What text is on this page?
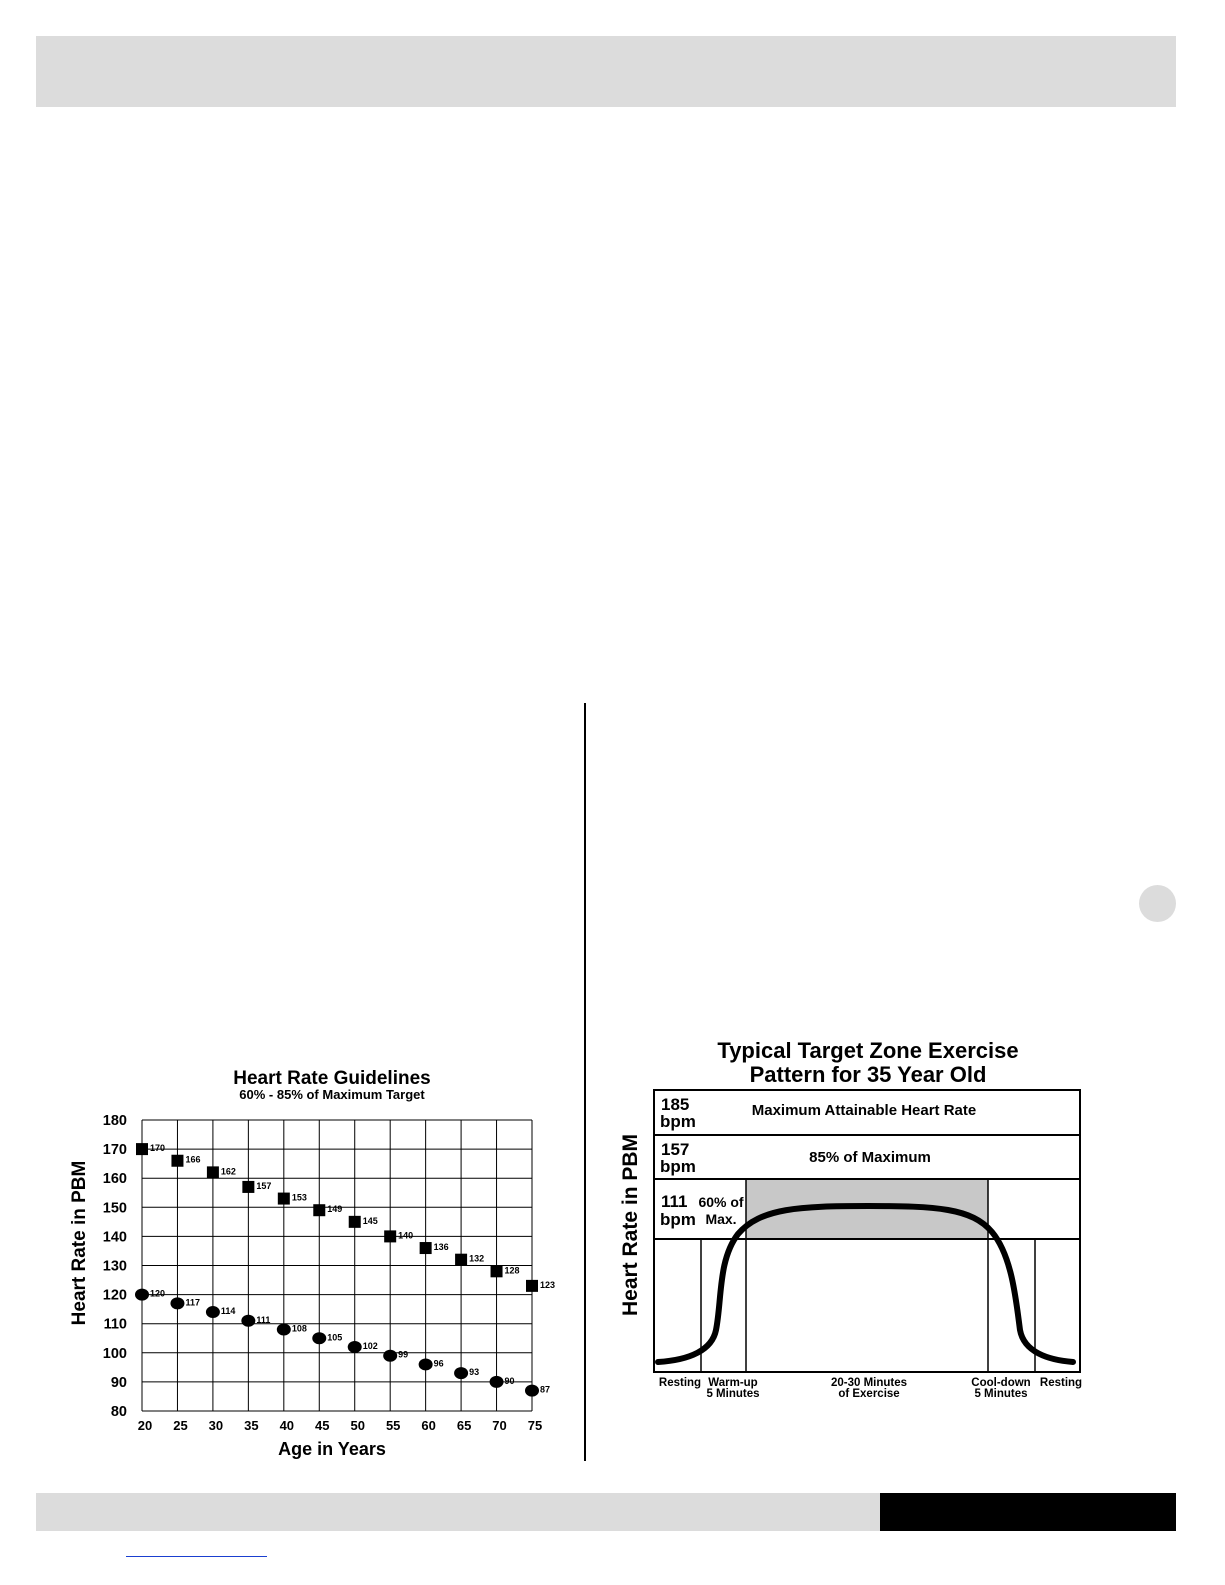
Heart Rate Guidelines
60% - 85% of Maximum Target
180
170
160
150
140
130
120
110
100
90
80
20 25 30 35 40 45 50 55 60 65 70 75
170
166
162
157
153
149
145
140
136
132
128
123
120
117
114
111
108
105
102
99
96
93
90
87
Age in Years
Heart Rate in PBM
Typical Target Zone Exercise
Pattern for 35 Year Old
Heart Rate in PBM
185
bpm
Maximum Attainable Heart Rate
157
bpm	85% of Maximum
111
bpm
60% of
Max.
Resting Warm-up
5 Minutes
20-30 Minutes
of Exercise
Cool-down
5 Minutes
Resting
